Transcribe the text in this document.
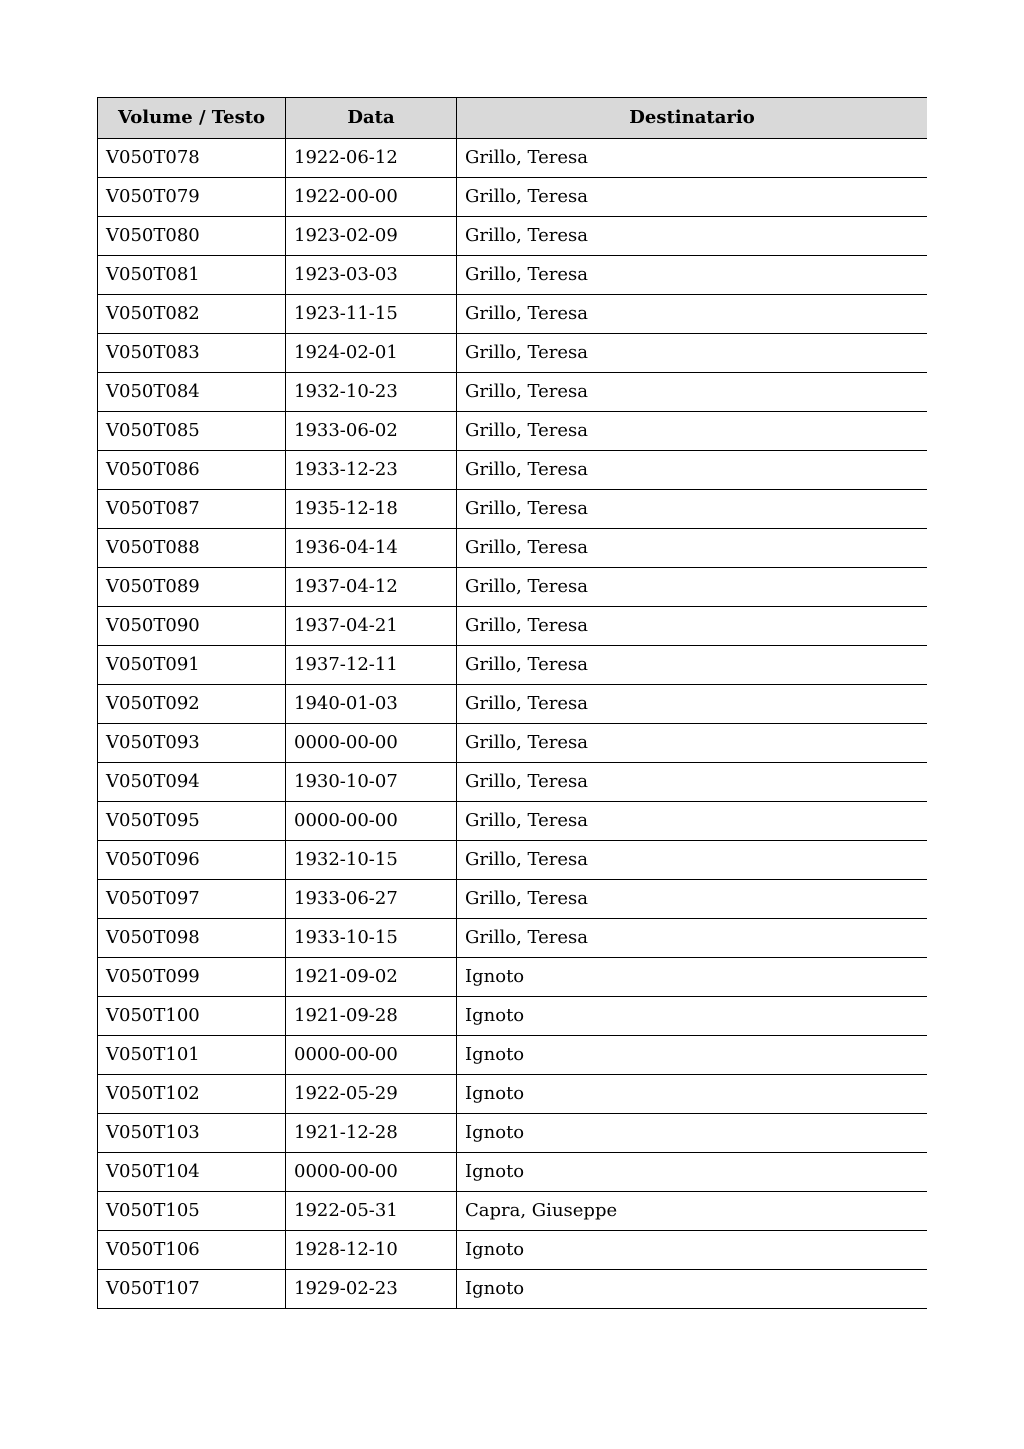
Volume / Testo	Data	Destinatario
V050T078	1922-06-12	Grillo, Teresa
V050T079	1922-00-00	Grillo, Teresa
V050T080	1923-02-09	Grillo, Teresa
V050T081	1923-03-03	Grillo, Teresa
V050T082	1923-11-15	Grillo, Teresa
V050T083	1924-02-01	Grillo, Teresa
V050T084	1932-10-23	Grillo, Teresa
V050T085	1933-06-02	Grillo, Teresa
V050T086	1933-12-23	Grillo, Teresa
V050T087	1935-12-18	Grillo, Teresa
V050T088	1936-04-14	Grillo, Teresa
V050T089	1937-04-12	Grillo, Teresa
V050T090	1937-04-21	Grillo, Teresa
V050T091	1937-12-11	Grillo, Teresa
V050T092	1940-01-03	Grillo, Teresa
V050T093	0000-00-00	Grillo, Teresa
V050T094	1930-10-07	Grillo, Teresa
V050T095	0000-00-00	Grillo, Teresa
V050T096	1932-10-15	Grillo, Teresa
V050T097	1933-06-27	Grillo, Teresa
V050T098	1933-10-15	Grillo, Teresa
V050T099	1921-09-02	Ignoto
V050T100	1921-09-28	Ignoto
V050T101	0000-00-00	Ignoto
V050T102	1922-05-29	Ignoto
V050T103	1921-12-28	Ignoto
V050T104	0000-00-00	Ignoto
V050T105	1922-05-31	Capra, Giuseppe
V050T106	1928-12-10	Ignoto
V050T107	1929-02-23	Ignoto
